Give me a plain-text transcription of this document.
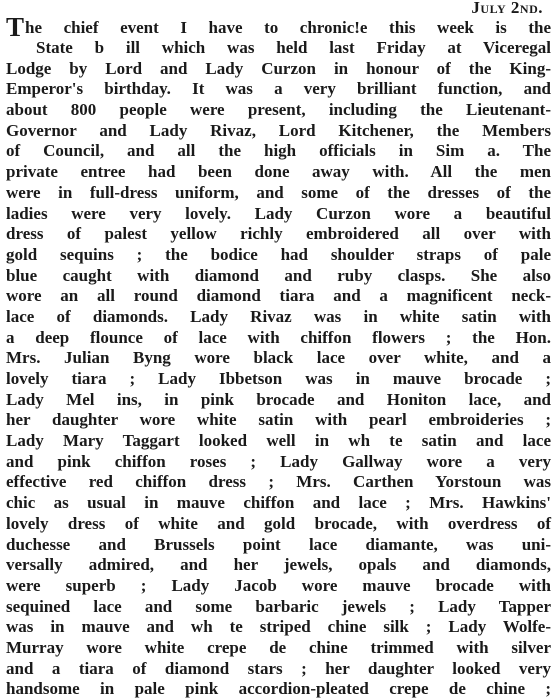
July 2nd.
The chief event I have to chronic!e this week is the
State b ill which was held last Friday at Viceregal
Lodge by Lord and Lady Curzon in honour of the King-
Emperor's birthday. It was a very brilliant function, and
about 800 people were present, including the Lieutenant-
Governor and Lady Rivaz, Lord Kitchener, the Members
of Council, and all the high officials in Sim a. The
private entree had been done away with. All the men
were in full-dress uniform, and some of the dresses of the
ladies were very lovely. Lady Curzon wore a beautiful
dress of palest yellow richly embroidered all over with
gold sequins ; the bodice had shoulder straps of pale
blue caught with diamond and ruby clasps. She also
wore an all round diamond tiara and a magnificent neck-
lace of diamonds. Lady Rivaz was in white satin with
a deep flounce of lace with chiffon flowers ; the Hon.
Mrs. Julian Byng wore black lace over white, and a
lovely tiara ; Lady Ibbetson was in mauve brocade ;
Lady Mel ins, in pink brocade and Honiton lace, and
her daughter wore white satin with pearl embroideries ;
Lady Mary Taggart looked well in wh te satin and lace
and pink chiffon roses ; Lady Gallway wore a very
effective red chiffon dress ; Mrs. Carthen Yorstoun was
chic as usual in mauve chiffon and lace ; Mrs. Hawkins'
lovely dress of white and gold brocade, with overdress of
duchesse and Brussels point lace diamante, was uni-
versally admired, and her jewels, opals and diamonds,
were superb ; Lady Jacob wore mauve brocade with
sequined lace and some barbaric jewels ; Lady Tapper
was in mauve and wh te striped chine silk ; Lady Wolfe-
Murray wore white crepe de chine trimmed with silver
and a tiara of diamond stars ; her daughter looked very
handsome in pale pink accordion-pleated crepe de chine ;
